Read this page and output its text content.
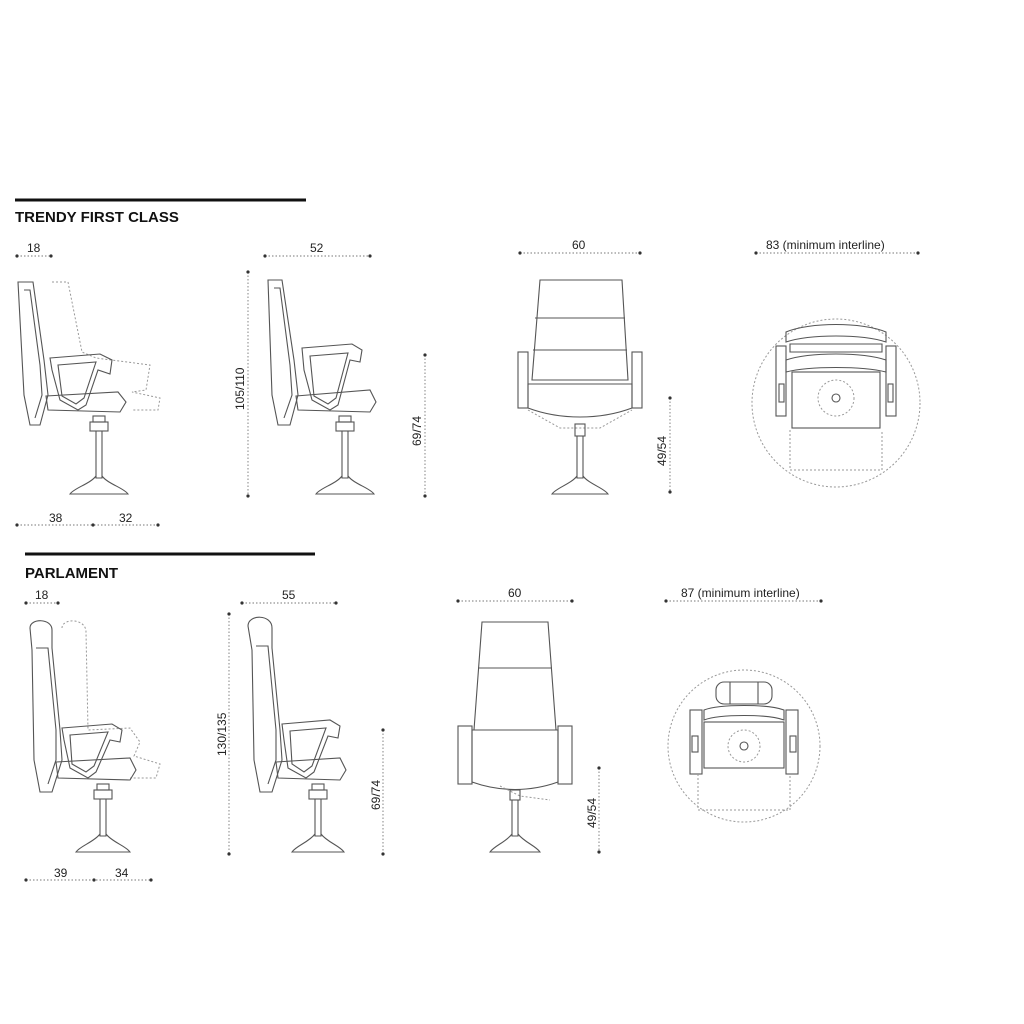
TRENDY FIRST CLASS
18
38	32
52
105/110
69/74
60
49/54
83 (minimum interline)
PARLAMENT
18
39	34
55
130/135
69/74
60
49/54
87 (minimum interline)
